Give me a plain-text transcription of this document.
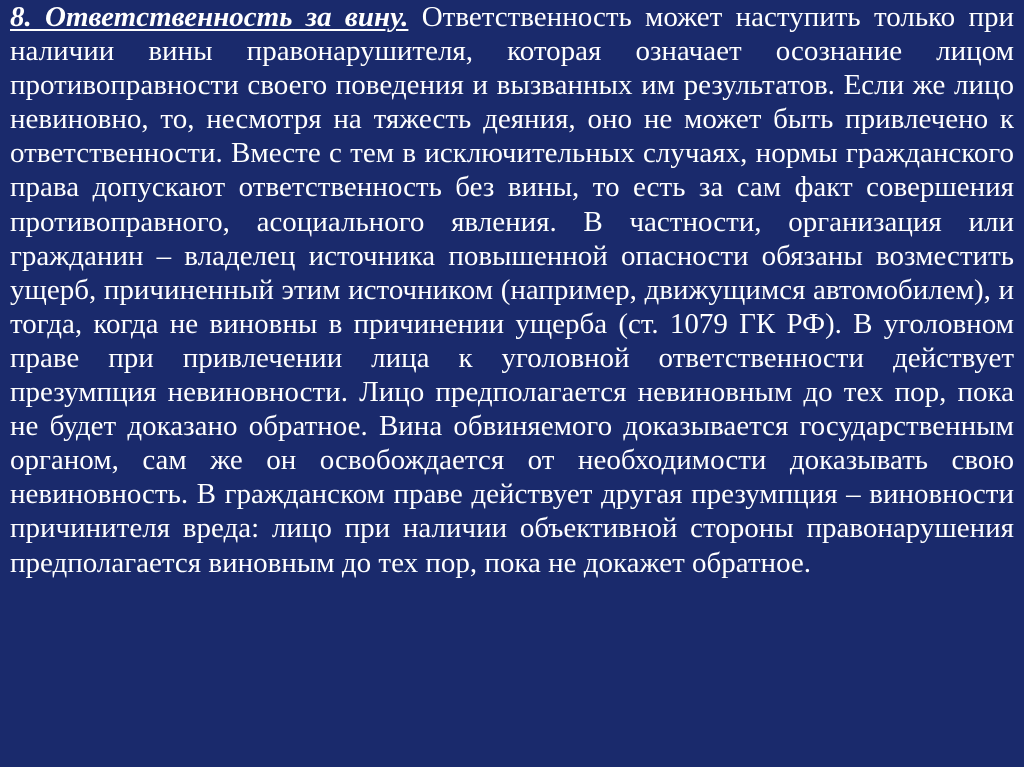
8. Ответственность за вину. Ответственность может наступить только при наличии вины правонарушителя, которая означает осознание лицом противоправности своего поведения и вызванных им результатов. Если же лицо невиновно, то, несмотря на тяжесть деяния, оно не может быть привлечено к ответственности. Вместе с тем в исключительных случаях, нормы гражданского права допускают ответственность без вины, то есть за сам факт совершения противоправного, асоциального явления. В частности, организация или гражданин – владелец источника повышенной опасности обязаны возместить ущерб, причиненный этим источником (например, движущимся автомобилем), и тогда, когда не виновны в причинении ущерба (ст. 1079 ГК РФ). В уголовном праве при привлечении лица к уголовной ответственности действует презумпция невиновности. Лицо предполагается невиновным до тех пор, пока не будет доказано обратное. Вина обвиняемого доказывается государственным органом, сам же он освобождается от необходимости доказывать свою невиновность. В гражданском праве действует другая презумпция – виновности причинителя вреда: лицо при наличии объективной стороны правонарушения предполагается виновным до тех пор, пока не докажет обратное.
